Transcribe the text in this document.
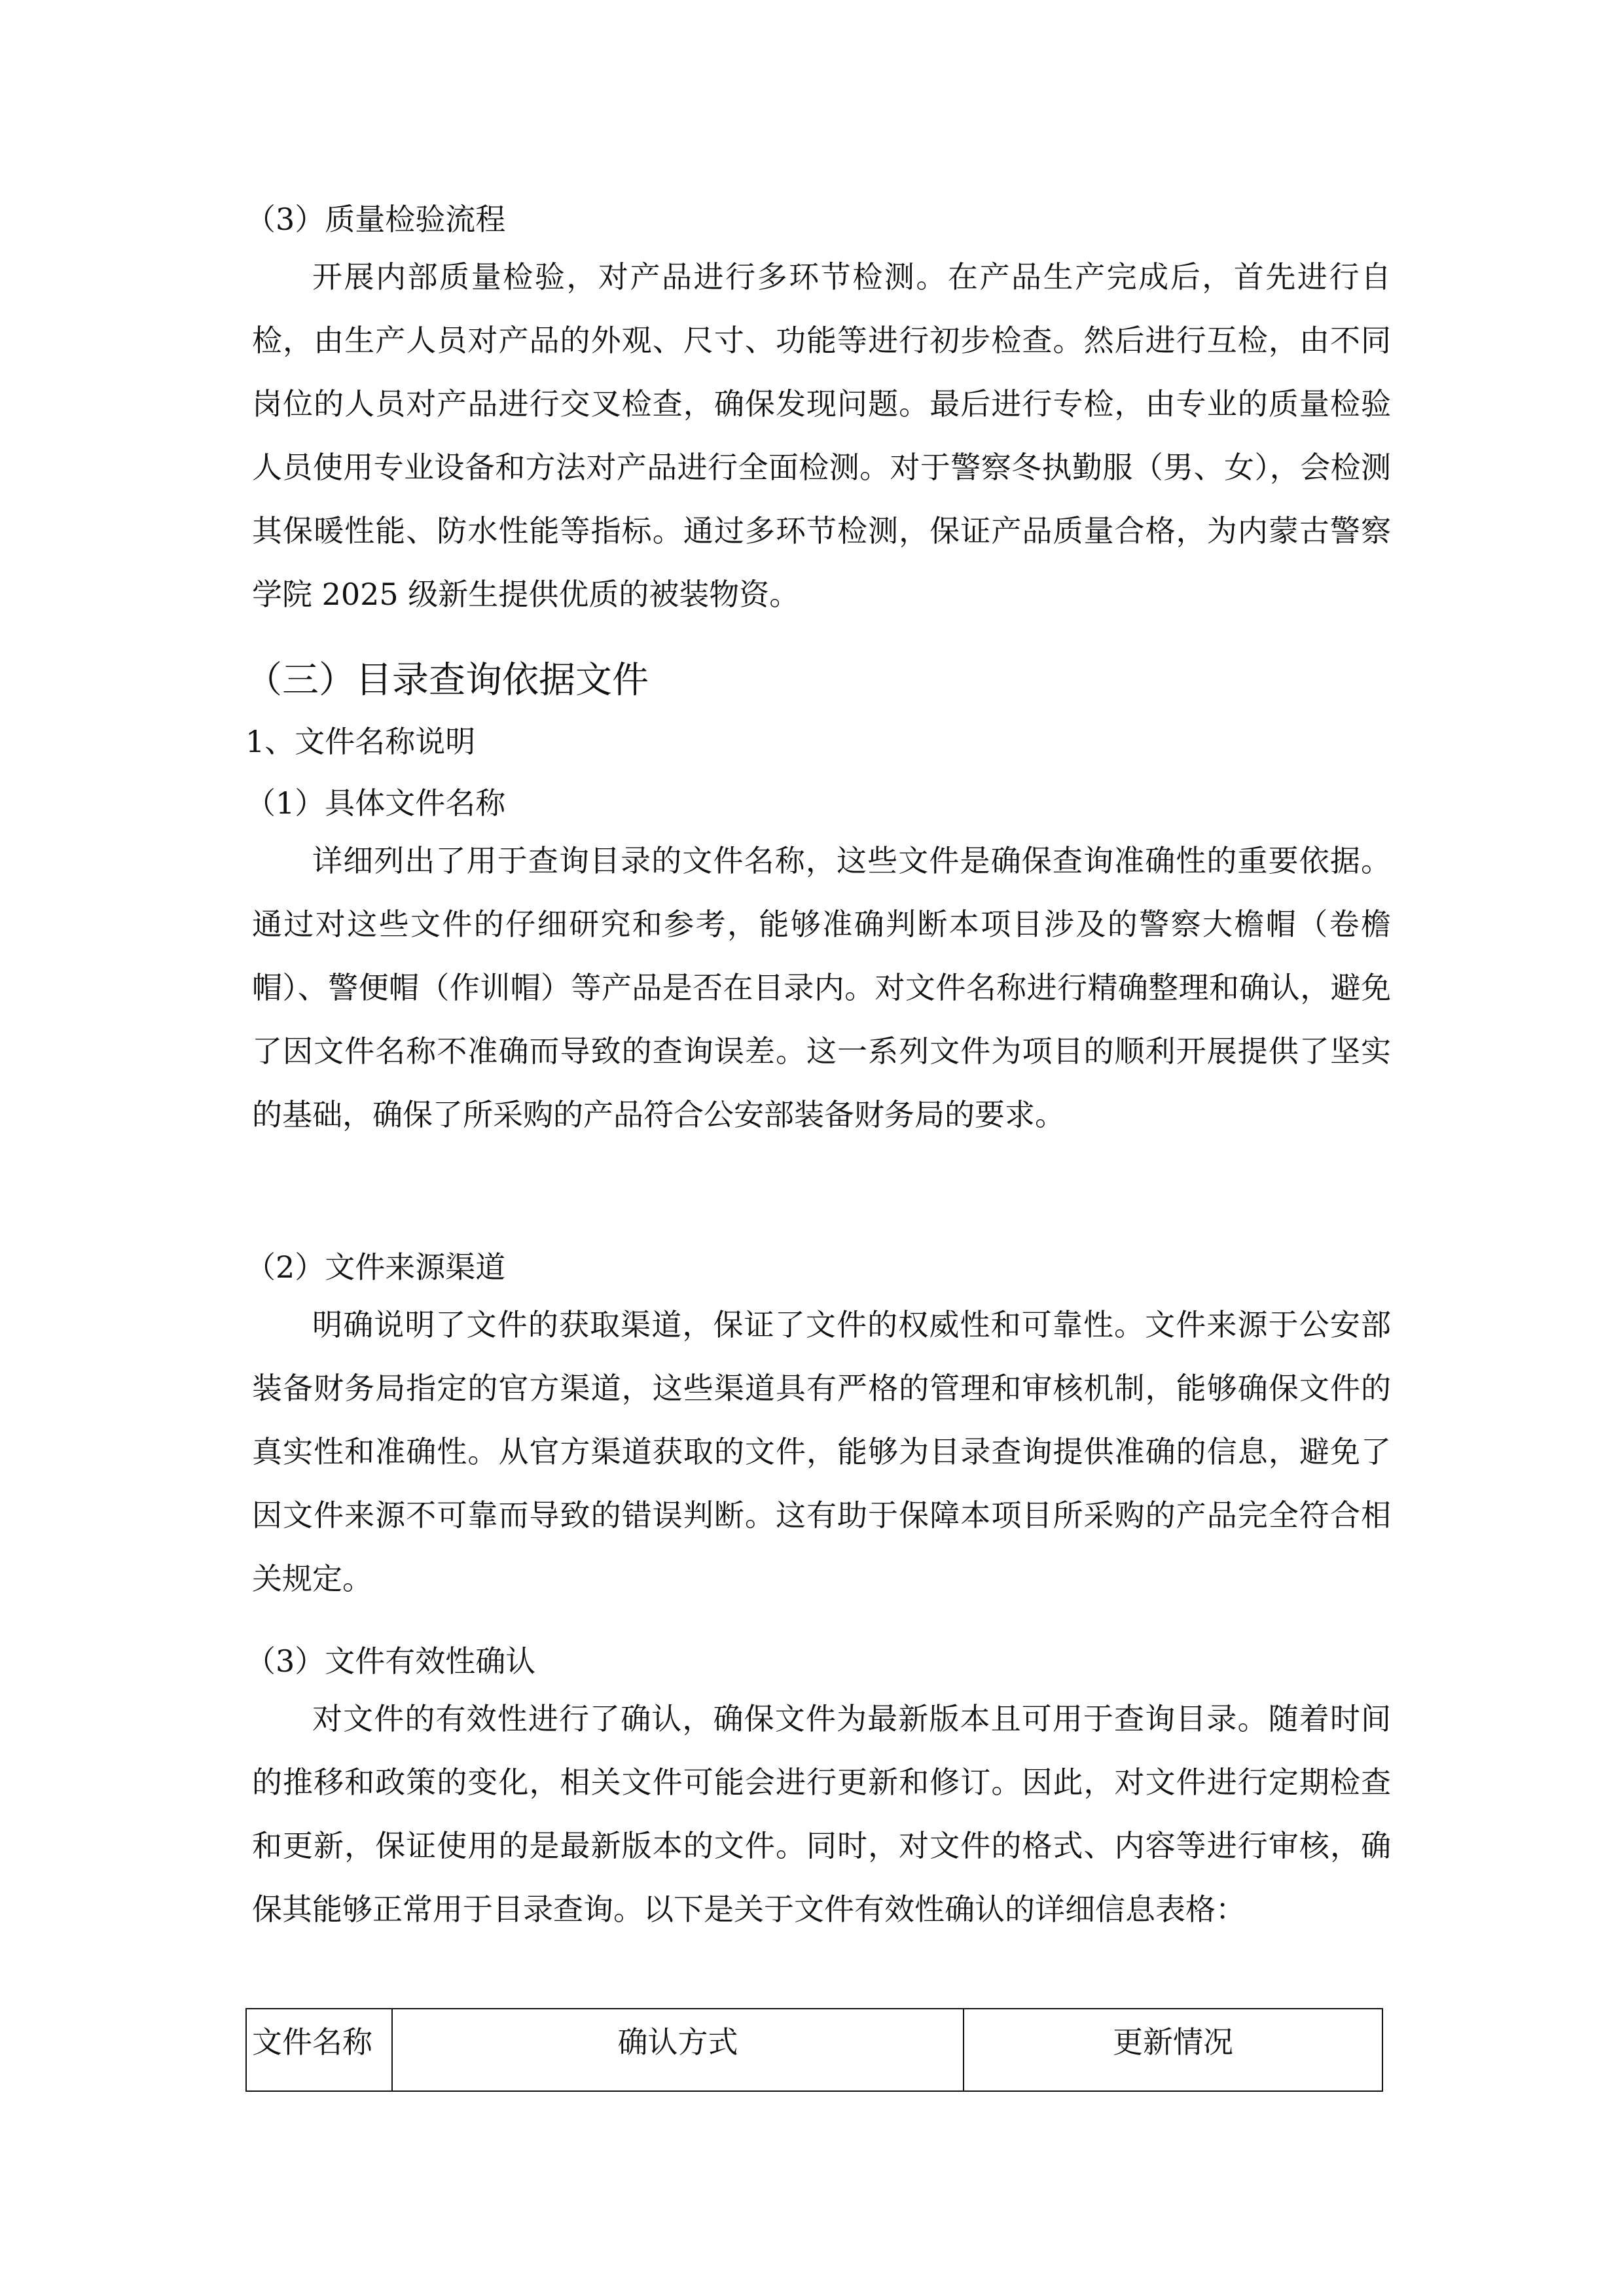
（3）质量检验流程

开展内部质量检验，对产品进行多环节检测。在产品生产完成后，首先进行自检，由生产人员对产品的外观、尺寸、功能等进行初步检查。然后进行互检，由不同岗位的人员对产品进行交叉检查，确保发现问题。最后进行专检，由专业的质量检验人员使用专业设备和方法对产品进行全面检测。对于警察冬执勤服（男、女），会检测其保暖性能、防水性能等指标。通过多环节检测，保证产品质量合格，为内蒙古警察学院 2025 级新生提供优质的被装物资。

（三）目录查询依据文件
1、文件名称说明
（1）具体文件名称

详细列出了用于查询目录的文件名称，这些文件是确保查询准确性的重要依据。通过对这些文件的仔细研究和参考，能够准确判断本项目涉及的警察大檐帽（卷檐帽）、警便帽（作训帽）等产品是否在目录内。对文件名称进行精确整理和确认，避免了因文件名称不准确而导致的查询误差。这一系列文件为项目的顺利开展提供了坚实的基础，确保了所采购的产品符合公安部装备财务局的要求。

（2）文件来源渠道

明确说明了文件的获取渠道，保证了文件的权威性和可靠性。文件来源于公安部装备财务局指定的官方渠道，这些渠道具有严格的管理和审核机制，能够确保文件的真实性和准确性。从官方渠道获取的文件，能够为目录查询提供准确的信息，避免了因文件来源不可靠而导致的错误判断。这有助于保障本项目所采购的产品完全符合相关规定。

（3）文件有效性确认

对文件的有效性进行了确认，确保文件为最新版本且可用于查询目录。随着时间的推移和政策的变化，相关文件可能会进行更新和修订。因此，对文件进行定期检查和更新，保证使用的是最新版本的文件。同时，对文件的格式、内容等进行审核，确保其能够正常用于目录查询。以下是关于文件有效性确认的详细信息表格：

文件名称	确认方式	更新情况
